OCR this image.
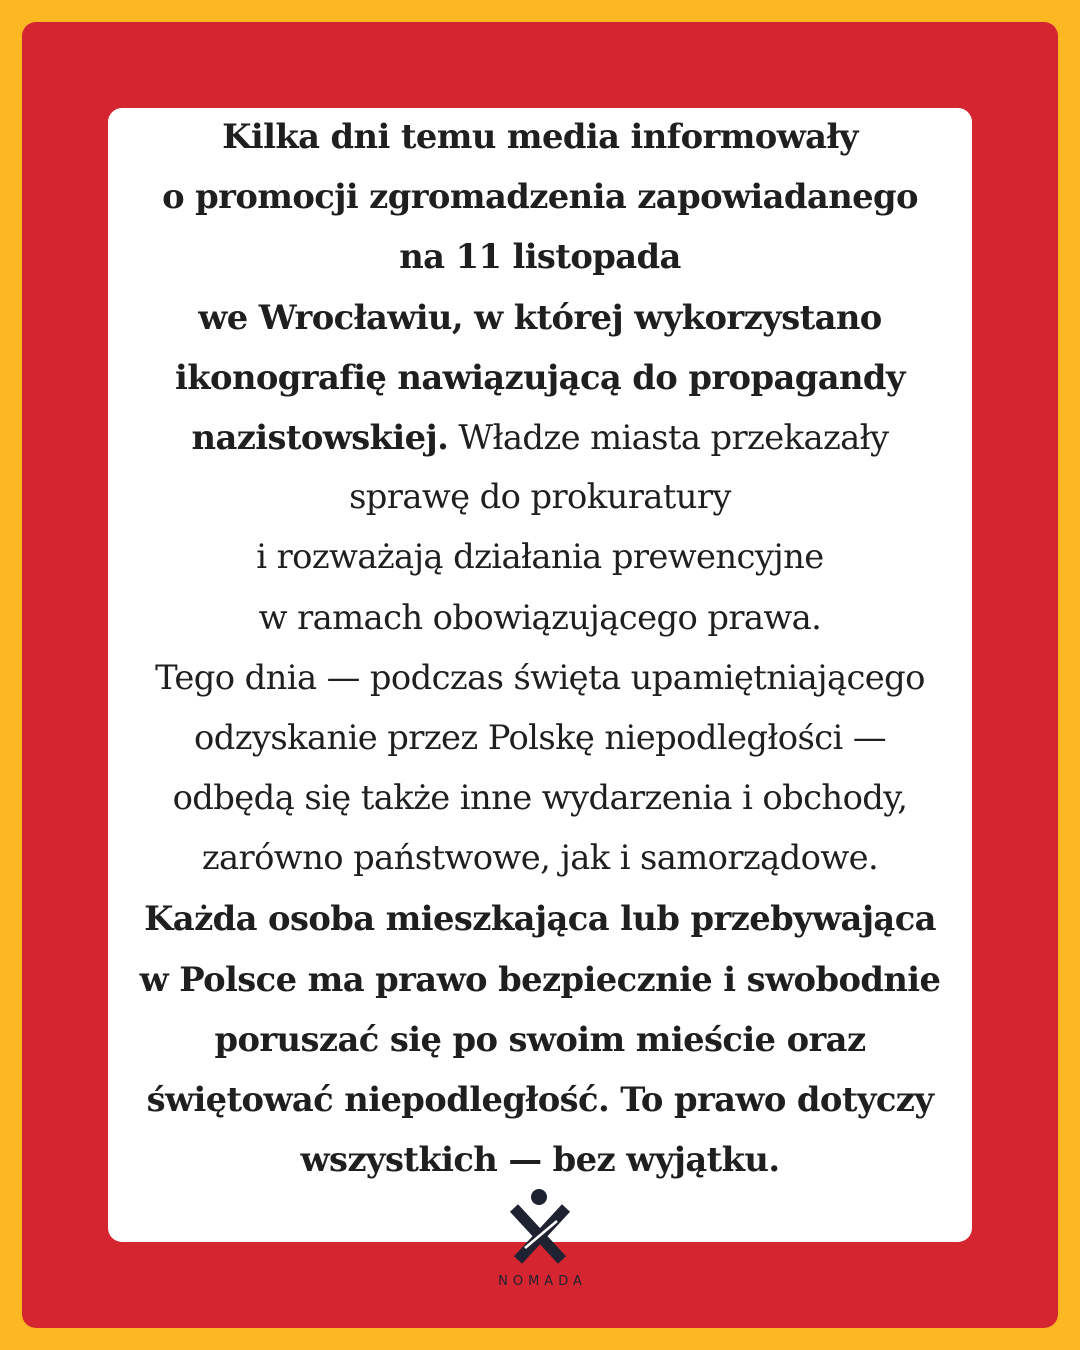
Kilka dni temu media informowały
o promocji zgromadzenia zapowiadanego
na 11 listopada
we Wrocławiu, w której wykorzystano
ikonografię nawiązującą do propagandy
nazistowskiej. Władze miasta przekazały
sprawę do prokuratury
i rozważają działania prewencyjne
w ramach obowiązującego prawa.
Tego dnia — podczas święta upamiętniającego
odzyskanie przez Polskę niepodległości —
odbędą się także inne wydarzenia i obchody,
zarówno państwowe, jak i samorządowe.
Każda osoba mieszkająca lub przebywająca
w Polsce ma prawo bezpiecznie i swobodnie
poruszać się po swoim mieście oraz
świętować niepodległość. To prawo dotyczy
wszystkich — bez wyjątku.
NOMADA
